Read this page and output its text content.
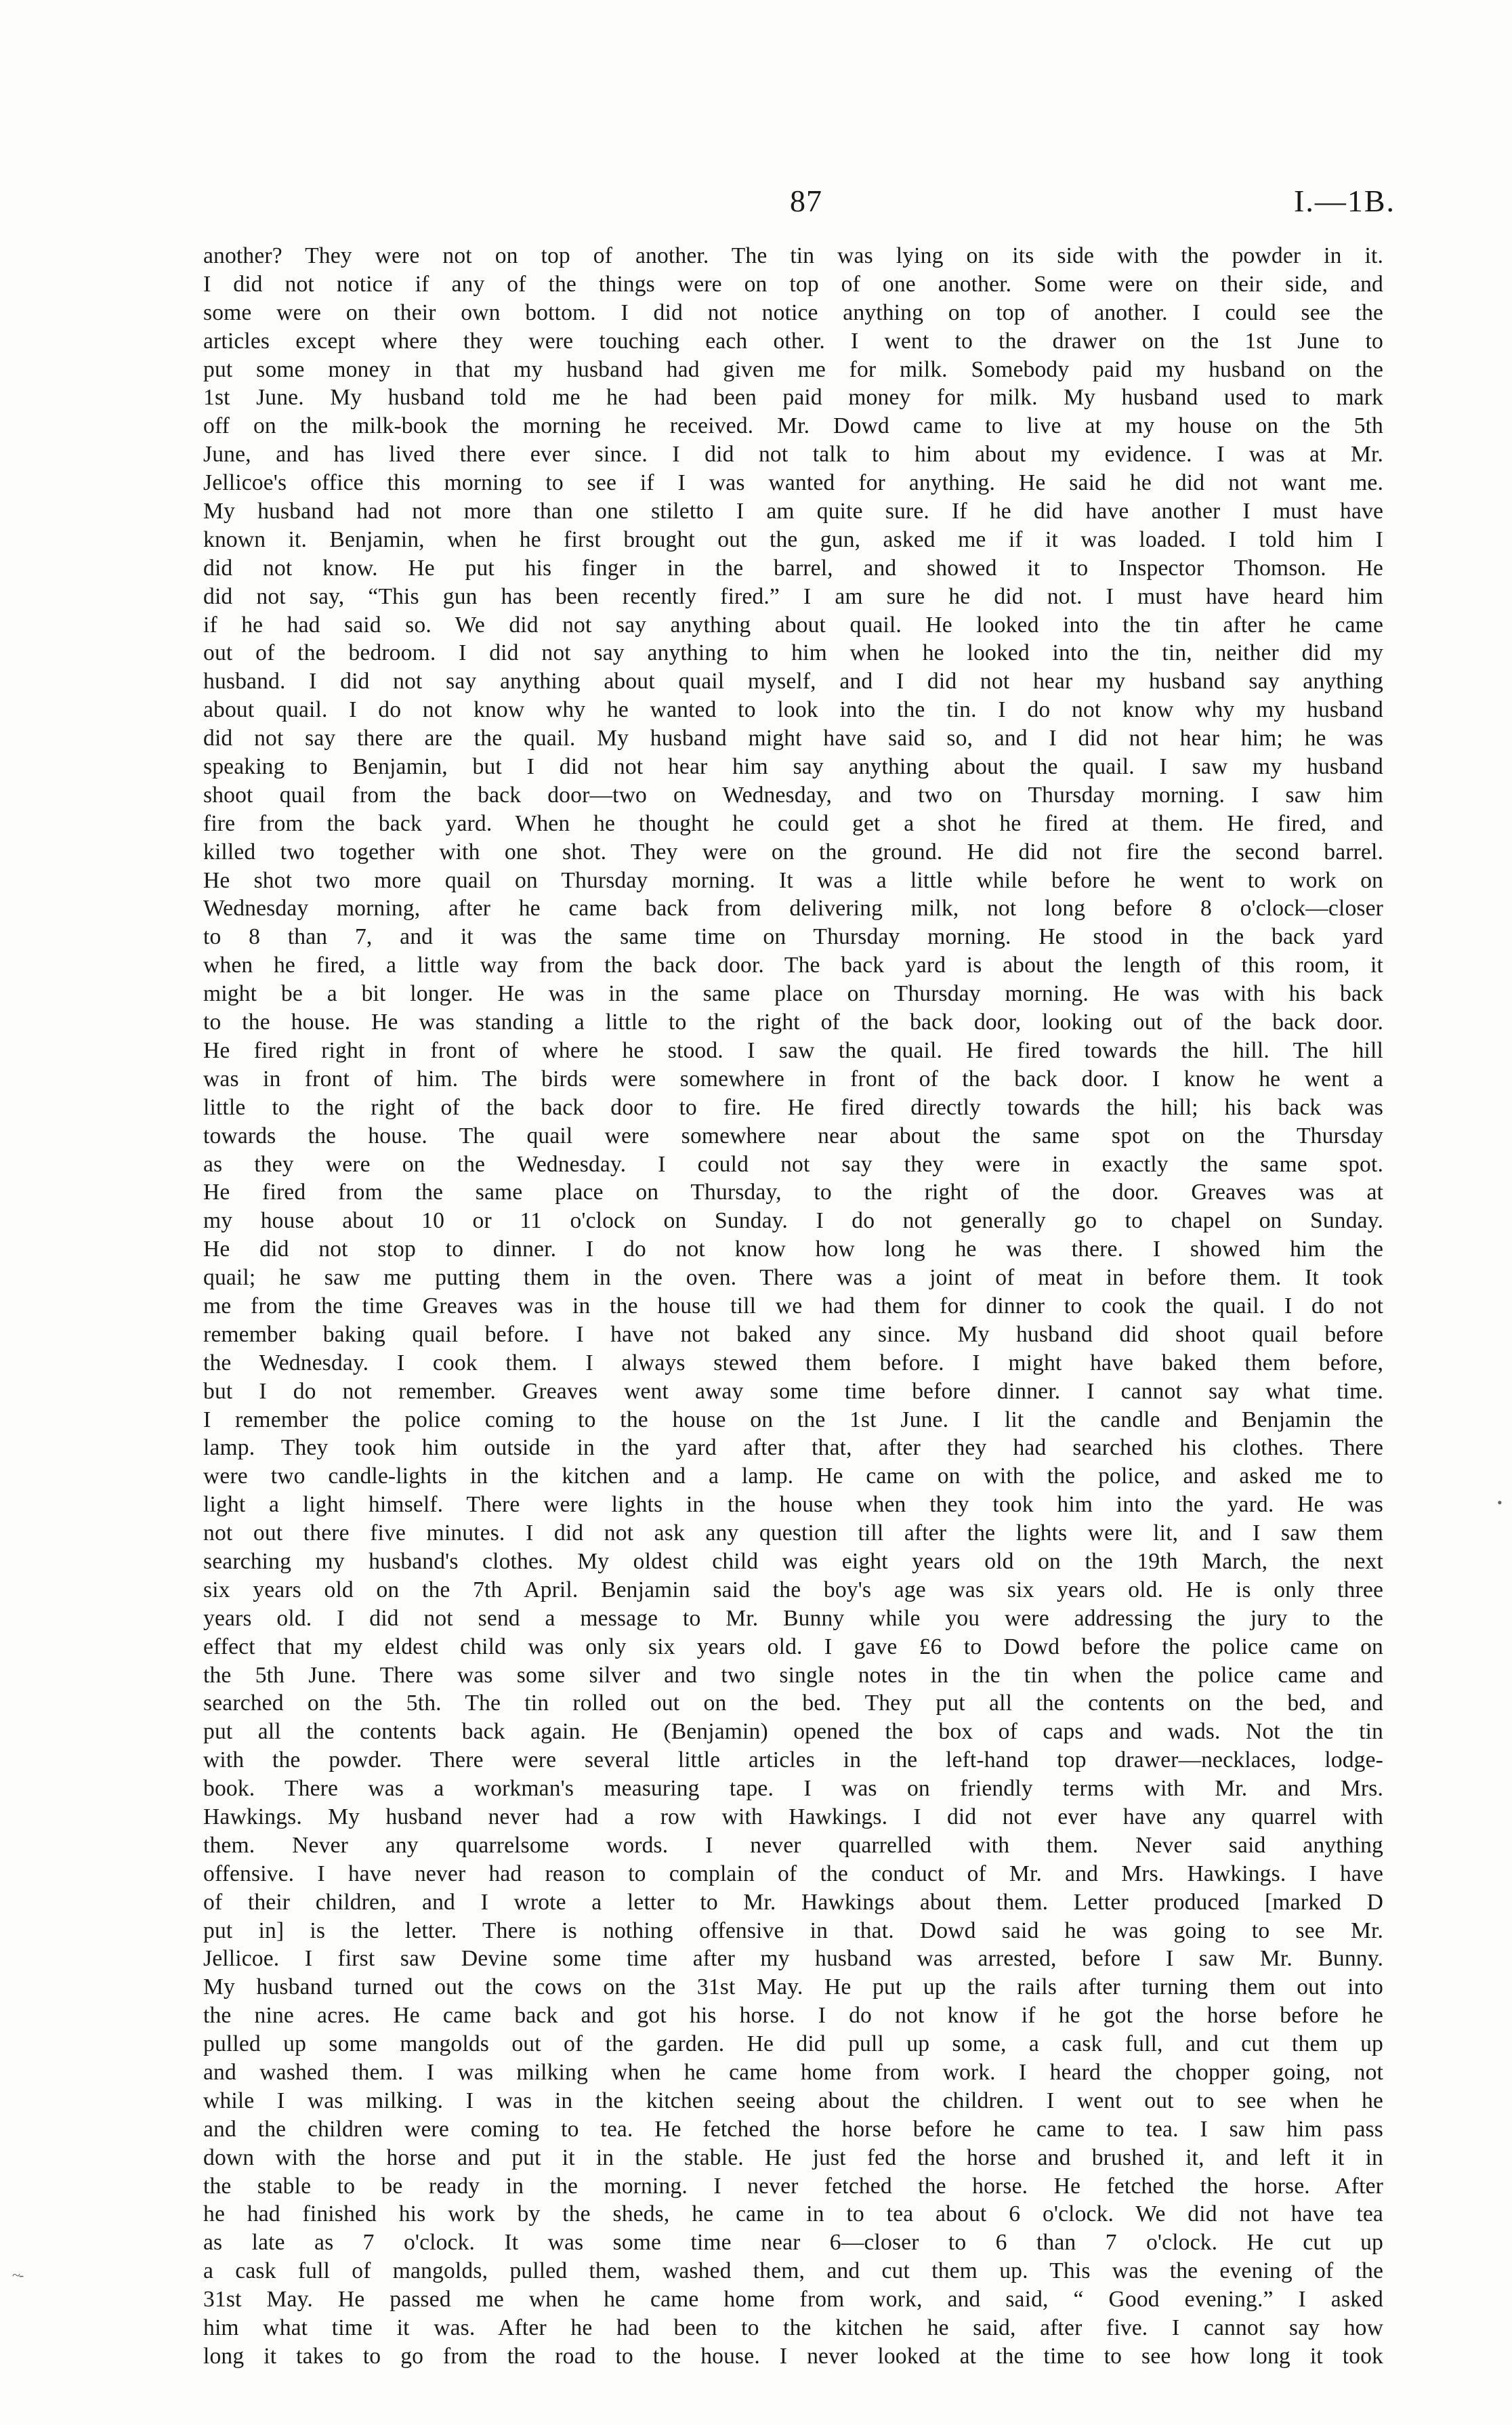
87	I.—1B.
another? They were not on top of another. The tin was lying on its side with the powder in it.
I did not notice if any of the things were on top of one another. Some were on their side, and
some were on their own bottom. I did not notice anything on top of another. I could see the
articles except where they were touching each other. I went to the drawer on the 1st June to
put some money in that my husband had given me for milk. Somebody paid my husband on the
1st June. My husband told me he had been paid money for milk. My husband used to mark
off on the milk-book the morning he received. Mr. Dowd came to live at my house on the 5th
June, and has lived there ever since. I did not talk to him about my evidence. I was at Mr.
Jellicoe's office this morning to see if I was wanted for anything. He said he did not want me.
My husband had not more than one stiletto I am quite sure. If he did have another I must have
known it. Benjamin, when he first brought out the gun, asked me if it was loaded. I told him I
did not know. He put his finger in the barrel, and showed it to Inspector Thomson. He
did not say, “This gun has been recently fired.” I am sure he did not. I must have heard him
if he had said so. We did not say anything about quail. He looked into the tin after he came
out of the bedroom. I did not say anything to him when he looked into the tin, neither did my
husband. I did not say anything about quail myself, and I did not hear my husband say anything
about quail. I do not know why he wanted to look into the tin. I do not know why my husband
did not say there are the quail. My husband might have said so, and I did not hear him; he was
speaking to Benjamin, but I did not hear him say anything about the quail. I saw my husband
shoot quail from the back door—two on Wednesday, and two on Thursday morning. I saw him
fire from the back yard. When he thought he could get a shot he fired at them. He fired, and
killed two together with one shot. They were on the ground. He did not fire the second barrel.
He shot two more quail on Thursday morning. It was a little while before he went to work on
Wednesday morning, after he came back from delivering milk, not long before 8 o'clock—closer
to 8 than 7, and it was the same time on Thursday morning. He stood in the back yard
when he fired, a little way from the back door. The back yard is about the length of this room, it
might be a bit longer. He was in the same place on Thursday morning. He was with his back
to the house. He was standing a little to the right of the back door, looking out of the back door.
He fired right in front of where he stood. I saw the quail. He fired towards the hill. The hill
was in front of him. The birds were somewhere in front of the back door. I know he went a
little to the right of the back door to fire. He fired directly towards the hill; his back was
towards the house. The quail were somewhere near about the same spot on the Thursday
as they were on the Wednesday. I could not say they were in exactly the same spot.
He fired from the same place on Thursday, to the right of the door. Greaves was at
my house about 10 or 11 o'clock on Sunday. I do not generally go to chapel on Sunday.
He did not stop to dinner. I do not know how long he was there. I showed him the
quail; he saw me putting them in the oven. There was a joint of meat in before them. It took
me from the time Greaves was in the house till we had them for dinner to cook the quail. I do not
remember baking quail before. I have not baked any since. My husband did shoot quail before
the Wednesday. I cook them. I always stewed them before. I might have baked them before,
but I do not remember. Greaves went away some time before dinner. I cannot say what time.
I remember the police coming to the house on the 1st June. I lit the candle and Benjamin the
lamp. They took him outside in the yard after that, after they had searched his clothes. There
were two candle-lights in the kitchen and a lamp. He came on with the police, and asked me to
light a light himself. There were lights in the house when they took him into the yard. He was
not out there five minutes. I did not ask any question till after the lights were lit, and I saw them
searching my husband's clothes. My oldest child was eight years old on the 19th March, the next
six years old on the 7th April. Benjamin said the boy's age was six years old. He is only three
years old. I did not send a message to Mr. Bunny while you were addressing the jury to the
effect that my eldest child was only six years old. I gave £6 to Dowd before the police came on
the 5th June. There was some silver and two single notes in the tin when the police came and
searched on the 5th. The tin rolled out on the bed. They put all the contents on the bed, and
put all the contents back again. He (Benjamin) opened the box of caps and wads. Not the tin
with the powder. There were several little articles in the left-hand top drawer—necklaces, lodge-
book. There was a workman's measuring tape. I was on friendly terms with Mr. and Mrs.
Hawkings. My husband never had a row with Hawkings. I did not ever have any quarrel with
them. Never any quarrelsome words. I never quarrelled with them. Never said anything
offensive. I have never had reason to complain of the conduct of Mr. and Mrs. Hawkings. I have
of their children, and I wrote a letter to Mr. Hawkings about them. Letter produced [marked D
put in] is the letter. There is nothing offensive in that. Dowd said he was going to see Mr.
Jellicoe. I first saw Devine some time after my husband was arrested, before I saw Mr. Bunny.
My husband turned out the cows on the 31st May. He put up the rails after turning them out into
the nine acres. He came back and got his horse. I do not know if he got the horse before he
pulled up some mangolds out of the garden. He did pull up some, a cask full, and cut them up
and washed them. I was milking when he came home from work. I heard the chopper going, not
while I was milking. I was in the kitchen seeing about the children. I went out to see when he
and the children were coming to tea. He fetched the horse before he came to tea. I saw him pass
down with the horse and put it in the stable. He just fed the horse and brushed it, and left it in
the stable to be ready in the morning. I never fetched the horse. He fetched the horse. After
he had finished his work by the sheds, he came in to tea about 6 o'clock. We did not have tea
as late as 7 o'clock. It was some time near 6—closer to 6 than 7 o'clock. He cut up
a cask full of mangolds, pulled them, washed them, and cut them up. This was the evening of the
31st May. He passed me when he came home from work, and said, “ Good evening.” I asked
him what time it was. After he had been to the kitchen he said, after five. I cannot say how
long it takes to go from the road to the house. I never looked at the time to see how long it took
~-
•
